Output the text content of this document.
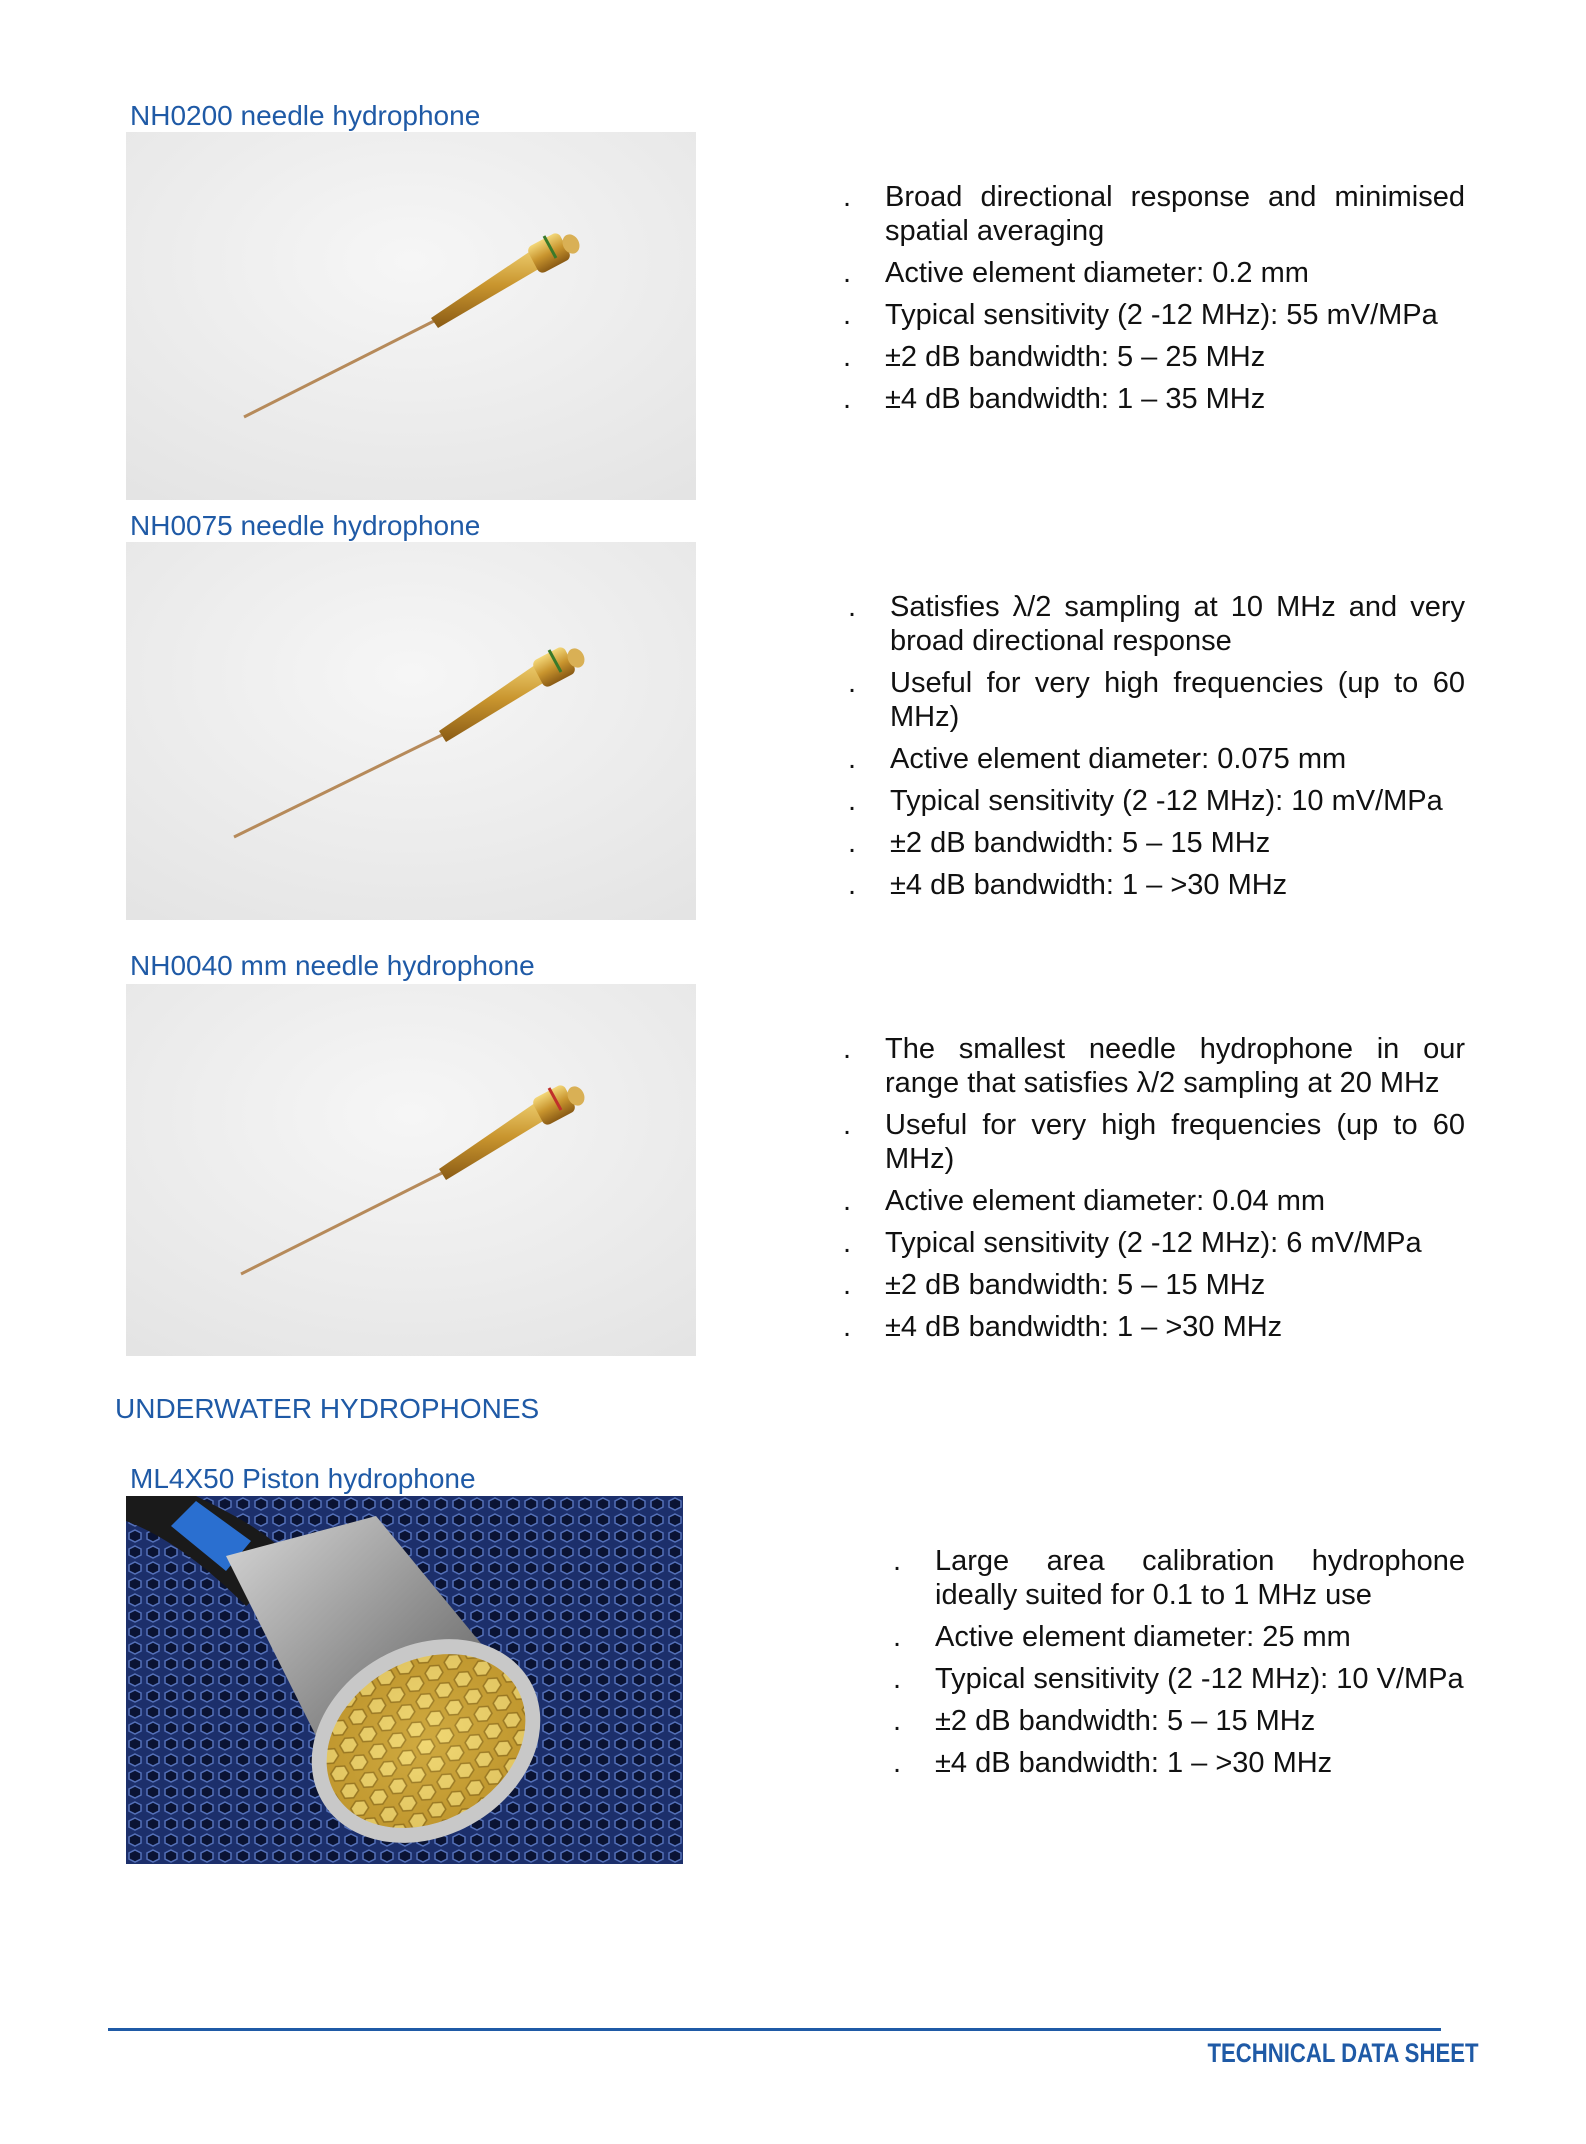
NH0200 needle hydrophone
. Broad directional response and minimised spatial averaging
. Active element diameter: 0.2 mm
. Typical sensitivity (2 -12 MHz): 55 mV/MPa
. ±2 dB bandwidth: 5 – 25 MHz
. ±4 dB bandwidth: 1 – 35 MHz
NH0075 needle hydrophone
. Satisfies λ/2 sampling at 10 MHz and very broad directional response
. Useful for very high frequencies (up to 60 MHz)
. Active element diameter: 0.075 mm
. Typical sensitivity (2 -12 MHz): 10 mV/MPa
. ±2 dB bandwidth: 5 – 15 MHz
. ±4 dB bandwidth: 1 – >30 MHz
NH0040 mm needle hydrophone
. The smallest needle hydrophone in our range that satisfies λ/2 sampling at 20 MHz
. Useful for very high frequencies (up to 60 MHz)
. Active element diameter: 0.04 mm
. Typical sensitivity (2 -12 MHz): 6 mV/MPa
. ±2 dB bandwidth: 5 – 15 MHz
. ±4 dB bandwidth: 1 – >30 MHz
UNDERWATER HYDROPHONES
ML4X50 Piston hydrophone
. Large area calibration hydrophone ideally suited for 0.1 to 1 MHz use
. Active element diameter: 25 mm
. Typical sensitivity (2 -12 MHz): 10 V/MPa
. ±2 dB bandwidth: 5 – 15 MHz
. ±4 dB bandwidth: 1 – >30 MHz
TECHNICAL DATA SHEET
